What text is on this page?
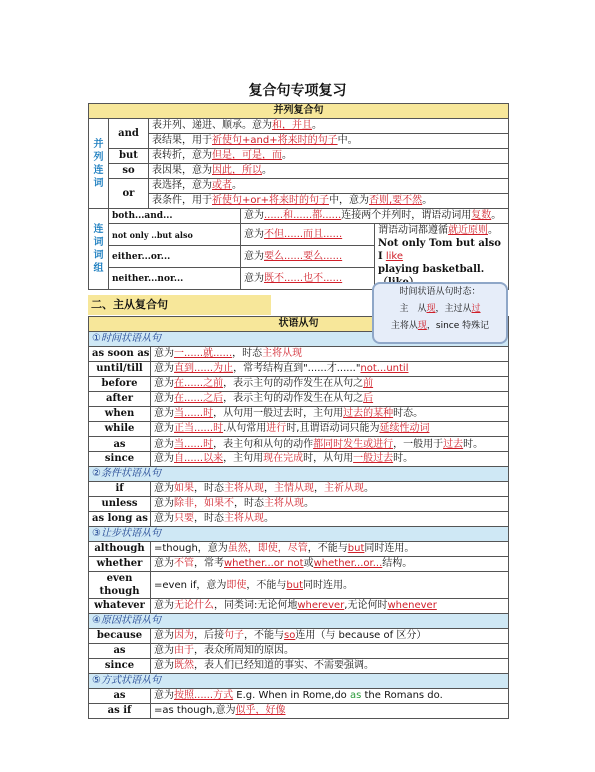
复合句专项复习
并列复合句				
并列连词	and	表并列、递进、顺承。意为和，并且。		
		表结果，用于祈使句+and+将来时的句子中。		
	but	表转折，意为但是，可是，而。		
	so	表因果，意为因此，所以。		
	or	表选择，意为或者。		
		表条件，用于祈使句+or+将来时的句子中，意为否则,要不然。		
连词词组	both...and...		意为......和......都......连接两个并列时，谓语动词用复数。	
	not only ..but also		意为不但......而且......	谓语动词都遵循就近原则。
Not only Tom but also I like
playing basketball.
	either...or...		意为要么......要么......	
	neither...nor...		意为既不......也不......	
二、主从复合句
状语从句	
①时间状语从句	
as soon as	意为一......就......，时态主将从现
until/till	意为直到......为止，常考结构直到"......才......"not...until
before	意为在......之前，表示主句的动作发生在从句之前
after	意为在......之后，表示主句的动作发生在从句之后
when	意为当......时，从句用一般过去时，主句用过去的某种时态。
while	意为正当......时.从句常用进行时,且谓语动词只能为延续性动词
as	意为当......时，表主句和从句的动作都同时发生或进行，一般用于过去时。
since	意为自......以来，主句用现在完成时，从句用一般过去时。
②条件状语从句	
if	意为如果，时态主将从现，主情从现，主祈从现。
unless	意为除非，如果不，时态主将从现。
as long as	意为只要，时态主将从现。
③让步状语从句	
although	=though，意为虽然，即使，尽管，不能与but同时连用。
whether	意为不管，常考whether...or not或whether...or...结构。
even though	=even if，意为即使，不能与but同时连用。
whatever	意为无论什么，同类词:无论何地wherever,无论何时whenever
④原因状语从句	
because	意为因为，后接句子，不能与so连用（与 because of 区分）
as	意为由于，表众所周知的原因。
since	意为既然，表人们已经知道的事实、不需要强调。
⑤方式状语从句	
as	意为按照......方式 E.g. When in Rome,do as the Romans do.
as if	=as though,意为似乎，好像
时间状语从句时态：
主　从现，主过从过
主将从现，since 特殊记
